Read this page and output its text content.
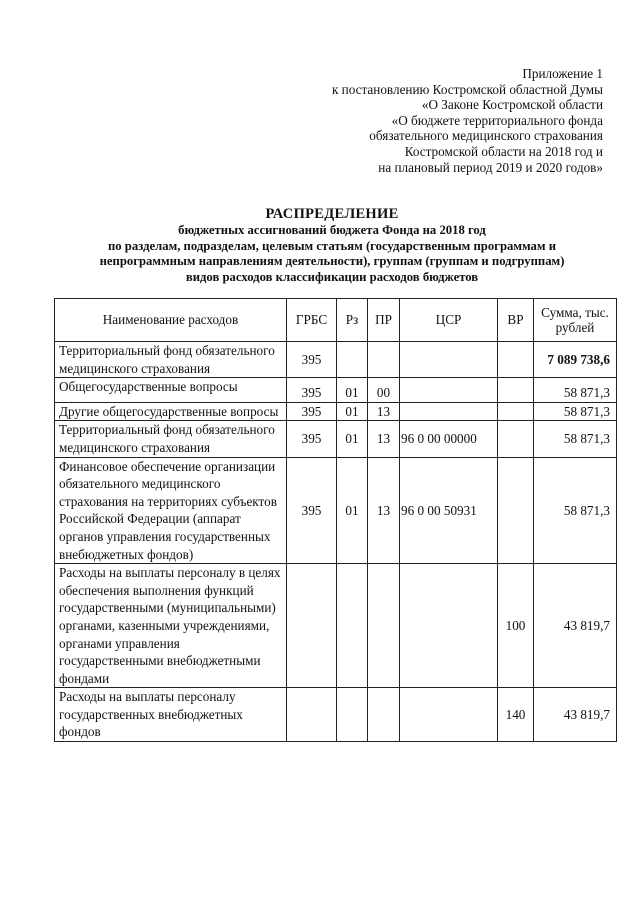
Приложение 1
к постановлению Костромской областной Думы
«О Законе Костромской области
«О бюджете территориального фонда
обязательного медицинского страхования
Костромской области на 2018 год и
на плановый период 2019 и 2020 годов»
РАСПРЕДЕЛЕНИЕ
бюджетных ассигнований бюджета Фонда на 2018 год
по разделам, подразделам, целевым статьям (государственным программам и
непрограммным направлениям деятельности), группам (группам и подгруппам)
видов расходов классификации расходов бюджетов
Наименование расходов	ГРБС	Рз	ПР	ЦСР	ВР	Сумма, тыс. рублей
Территориальный фонд обязательного медицинского страхования	395					7 089 738,6
Общегосударственные вопросы	395	01	00			58 871,3
Другие общегосударственные вопросы	395	01	13			58 871,3
Территориальный фонд обязательного медицинского страхования	395	01	13	96 0 00 00000		58 871,3
Финансовое обеспечение организации обязательного медицинского страхования на территориях субъектов Российской Федерации (аппарат органов управления государственных внебюджетных фондов)	395	01	13	96 0 00 50931		58 871,3
Расходы на выплаты персоналу в целях обеспечения выполнения функций государственными (муниципальными) органами, казенными учреждениями, органами управления государственными внебюджетными фондами					100	43 819,7
Расходы на выплаты персоналу государственных внебюджетных фондов					140	43 819,7
